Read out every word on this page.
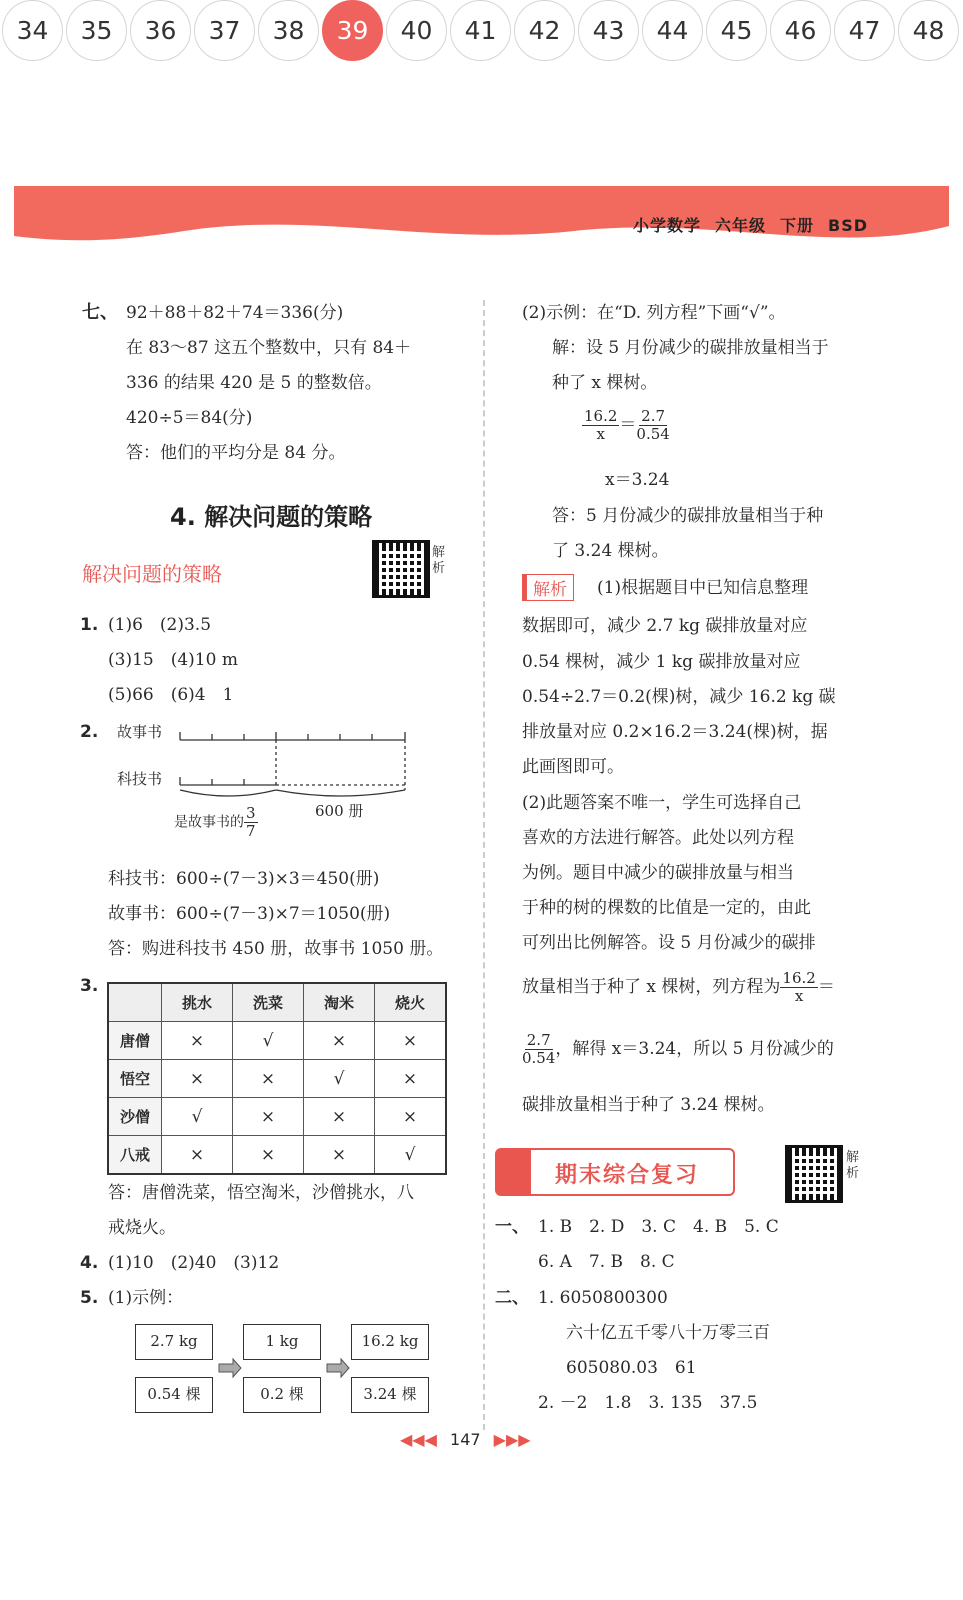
34	35	36	37	38	39	40	41	42	43	44	45	46	47	48
小学数学 六年级 下册 BSD
七、 92＋88＋82＋74＝336(分)
在 83～87 这五个整数中，只有 84＋
336 的结果 420 是 5 的整数倍。
420÷5＝84(分)
答：他们的平均分是 84 分。
4. 解决问题的策略
解决问题的策略
解析
1. (1)6　(2)3.5
(3)15　(4)10 m
(5)66　(6)4　1
2. 故事书
科技书
是故事书的 $\frac{3}{7}$	600 册
科技书：600÷(7－3)×3＝450(册)
故事书：600÷(7－3)×7＝1050(册)
答：购进科技书 450 册，故事书 1050 册。
3.
	挑水	洗菜	淘米	烧火
唐僧	×	√	×	×
悟空	×	×	√	×
沙僧	√	×	×	×
八戒	×	×	×	√
答：唐僧洗菜，悟空淘米，沙僧挑水，八
戒烧火。
4. (1)10　(2)40　(3)12
5. (1)示例：
2.7 kg	1 kg	16.2 kg
0.54 棵	0.2 棵	3.24 棵
(2)示例：在“D. 列方程”下画“√”。
解：设 5 月份减少的碳排放量相当于
种了 x 棵树。
$\frac{16.2}{x} = \frac{2.7}{0.54}$
x＝3.24
答：5 月份减少的碳排放量相当于种
了 3.24 棵树。
解析	(1)根据题目中已知信息整理
数据即可，减少 2.7 kg 碳排放量对应
0.54 棵树，减少 1 kg 碳排放量对应
0.54÷2.7＝0.2(棵)树，减少 16.2 kg 碳
排放量对应 0.2×16.2＝3.24(棵)树，据
此画图即可。
(2)此题答案不唯一，学生可选择自己
喜欢的方法进行解答。此处以列方程
为例。题目中减少的碳排放量与相当
于种的树的棵数的比值是一定的，由此
可列出比例解答。设 5 月份减少的碳排
放量相当于种了 x 棵树，列方程为 $\frac{16.2}{x}$ ＝
$\frac{2.7}{0.54}$ ，解得 x＝3.24，所以 5 月份减少的
碳排放量相当于种了 3.24 棵树。
期末综合复习
解析
一、 1. B　2. D　3. C　4. B　5. C
6. A　7. B　8. C
二、 1. 6050800300
六十亿五千零八十万零三百
605080.03　61
2. －2　1.8　3. 135　37.5
◀◀◀ 147 ▶▶▶
